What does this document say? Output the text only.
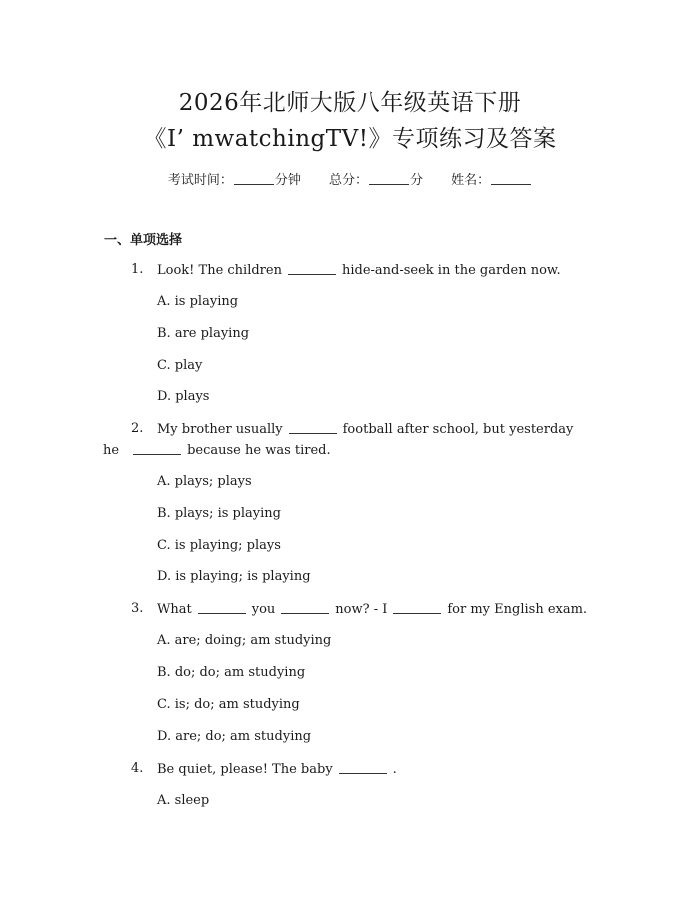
2026年北师大版八年级英语下册
《I’ mwatchingTV!》专项练习及答案
考试时间：	分钟 总分：	分 姓名：
一、单项选择
1. Look! The children	hide-and-seek in the garden now.
A. is playing
B. are playing
C. play
D. plays
2. My brother usually	football after school, but yesterday
he	because he was tired.
A. plays; plays
B. plays; is playing
C. is playing; plays
D. is playing; is playing
3. What	you	now? - I	for my English exam.
A. are; doing; am studying
B. do; do; am studying
C. is; do; am studying
D. are; do; am studying
4. Be quiet, please! The baby	.
A. sleep
